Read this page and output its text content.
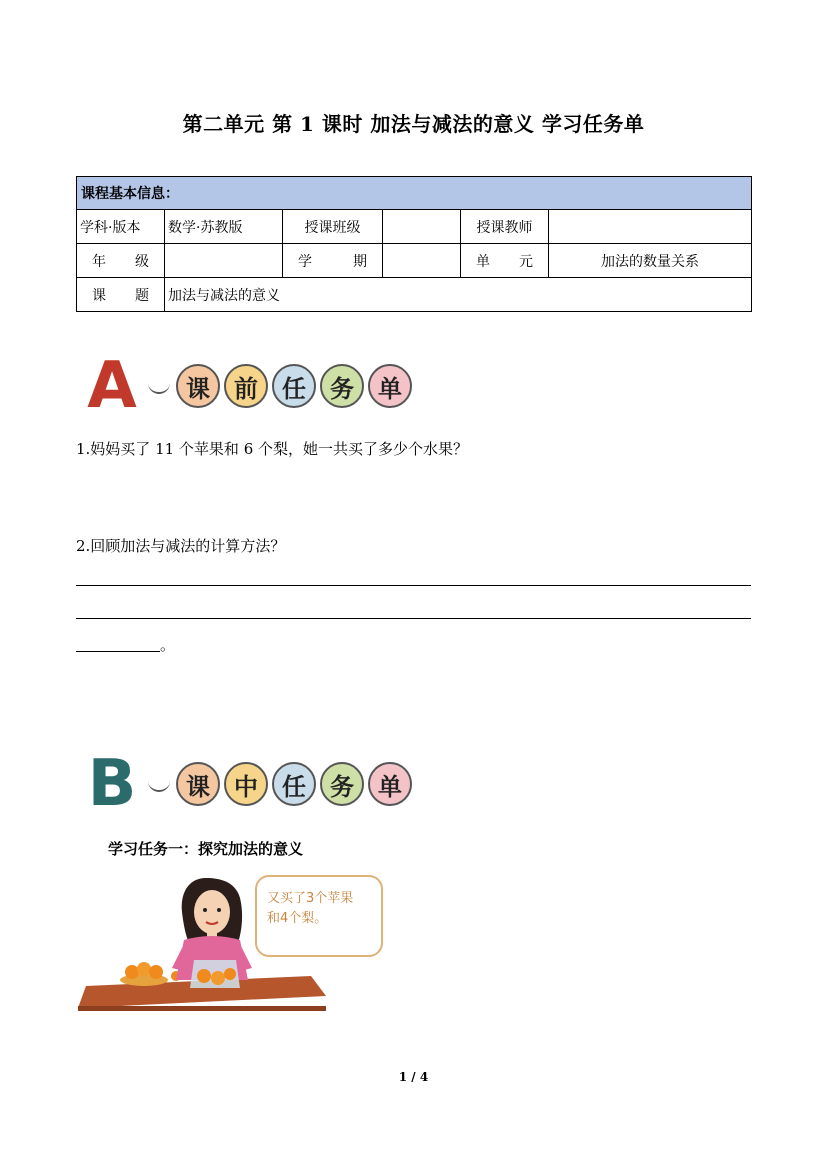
第二单元 第 1 课时 加法与减法的意义 学习任务单
课程基本信息：					
学科·版本	数学·苏教版	授课班级		授课教师	

年 级		学 期		单 元	加法的数量关系

课 题	加法与减法的意义				
A	课	前	任	务	单
1.妈妈买了 11 个苹果和 6 个梨，她一共买了多少个水果？
2.回顾加法与减法的计算方法？
。
B	课	中	任	务	单
学习任务一：探究加法的意义
又买了3个苹果
和4个梨。
1 / 4
